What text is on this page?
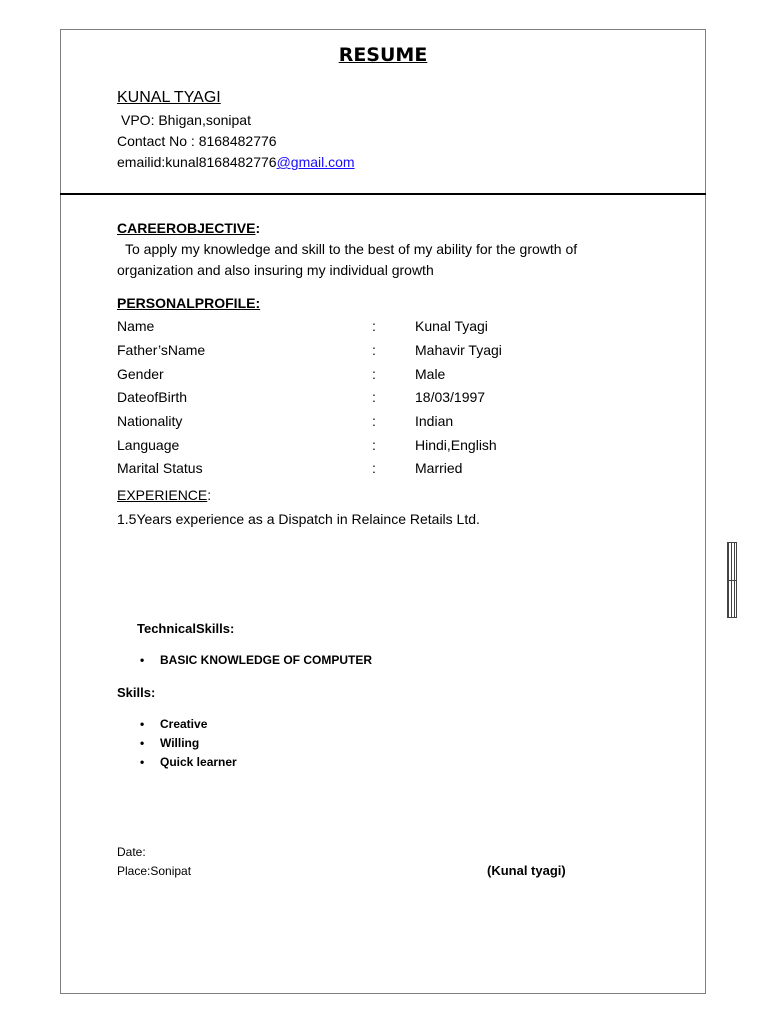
RESUME
KUNAL TYAGI
VPO: Bhigan,sonipat
Contact No : 8168482776
emailid:kunal8168482776@gmail.com
CAREEROBJECTIVE:
To apply my knowledge and skill to the best of my ability for the growth of
organization and also insuring my individual growth
PERSONALPROFILE:
Name	:	Kunal Tyagi
Father’sName	:	Mahavir Tyagi
Gender	:	Male
DateofBirth	:	18/03/1997
Nationality	:	Indian
Language	:	Hindi,English
Marital Status	:	Married
EXPERIENCE:
1.5Years experience as a Dispatch in Relaince Retails Ltd.
TechnicalSkills:
• BASIC KNOWLEDGE OF COMPUTER
Skills:
• Creative
• Willing
• Quick learner
Date:
Place:Sonipat	(Kunal tyagi)
